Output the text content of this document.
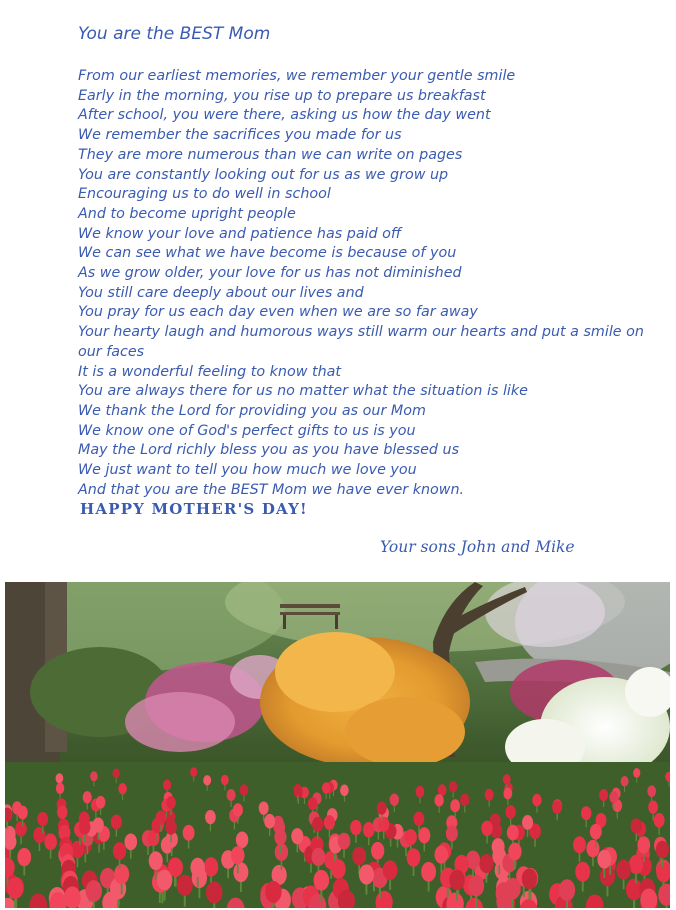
You are the BEST Mom
From our earliest memories, we remember your gentle smile
Early in the morning, you rise up to prepare us breakfast
After school, you were there, asking us how the day went
We remember the sacrifices you made for us
They are more numerous than we can write on pages
You are constantly looking out for us as we grow up
Encouraging us to do well in school
And to become upright people
We know your love and patience has paid off
We can see what we have become is because of you
As we grow older, your love for us has not diminished
You still care deeply about our lives and
You pray for us each day even when we are so far away
Your hearty laugh and humorous ways still warm our hearts and put a smile on our faces
It is a wonderful feeling to know that
You are always there for us no matter what the situation is like
We thank the Lord for providing you as our Mom
We know one of God's perfect gifts to us is you
May the Lord richly bless you as you have blessed us
We just want to tell you how much we love you
And that you are the BEST Mom we have ever known.
HAPPY MOTHER'S DAY!
Your sons John and Mike
